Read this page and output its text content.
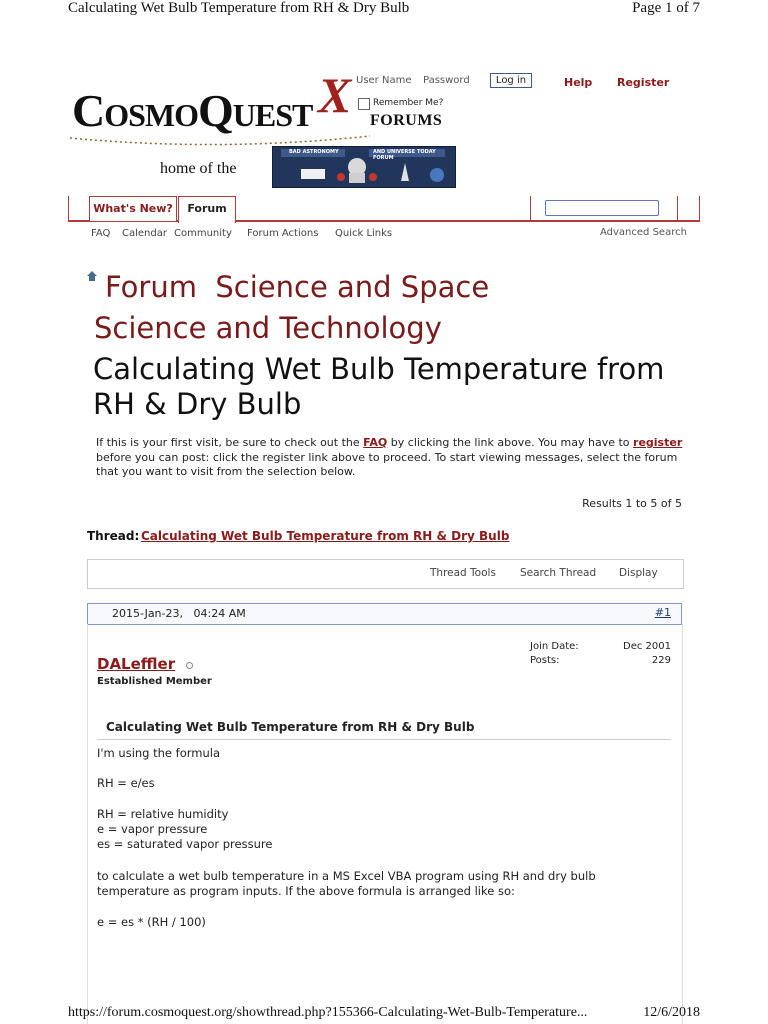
Calculating Wet Bulb Temperature from RH & Dry Bulb	Page 1 of 7
CosmoQuest X FORUMS
home of the
BAD ASTRONOMY	AND UNIVERSE TODAY FORUM
User Name Password	Log in
Remember Me?
Help Register
What's New?	Forum
FAQ Calendar Community Forum Actions Quick Links	Advanced Search
Forum Science and Space
Science and Technology
Calculating Wet Bulb Temperature from RH & Dry Bulb
If this is your first visit, be sure to check out the FAQ by clicking the link above. You may have to register before you can post: click the register link above to proceed. To start viewing messages, select the forum that you want to visit from the selection below.
Results 1 to 5 of 5
Thread: Calculating Wet Bulb Temperature from RH & Dry Bulb
Thread Tools Search Thread Display
2015-Jan-23, 04:24 AM	#1
DALeffler
Established Member
Join Date:	Dec 2001
Posts:	229
Calculating Wet Bulb Temperature from RH & Dry Bulb
I'm using the formula
RH = e/es
RH = relative humidity
e = vapor pressure
es = saturated vapor pressure
to calculate a wet bulb temperature in a MS Excel VBA program using RH and dry bulb
temperature as program inputs. If the above formula is arranged like so:
e = es * (RH / 100)
https://forum.cosmoquest.org/showthread.php?155366-Calculating-Wet-Bulb-Temperature...	12/6/2018
